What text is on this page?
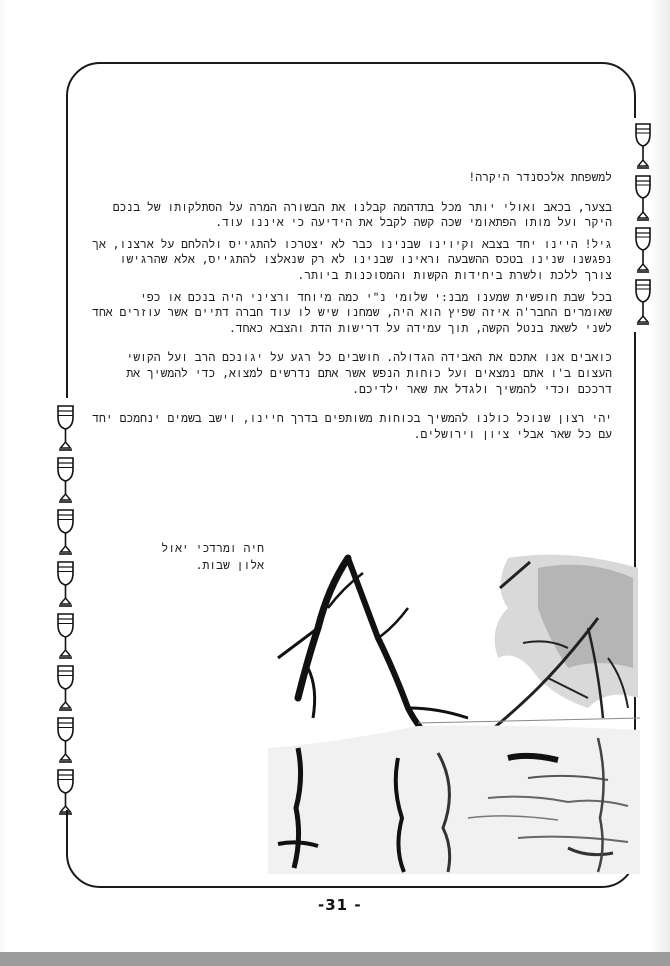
למשפחת אלכסנדר היקרה!

בצער, בכאב ואולי יותר מכל בתדהמה קבלנו את הבשורה המרה על הסתלקותו של בנכם היקר ועל מותו הפתאומי שכה קשה לקבל את הידיעה כי איננו עוד.

גיל! היינו יחד בצבא וקיוינו שבנינו כבר לא יצטרכו להתגייס ולהלחם על ארצנו, אך נפגשנו שנינו בטכס ההשבעה וראינו שבנינו לא רק שנאלצו להתגייס, אלא שהרגישו צורך ללכת ולשרת ביחידות הקשות והמסוכנות ביותר.

בכל שבת חופשית שמענו מבנ:י שלומי נ"י כמה מיוחד ורציני היה בנכם או כפי שאומרים החבר'ה איזה שפיץ הוא היה, שמחנו שיש לו עוד חברה דתיים אשר עוזרים אחד לשני לשאת בנטל הקשה, תוך עמידה על דרישות הדת והצבא כאחד.

כואבים אנו אתכם את האבידה הגדולה. חושבים כל רגע על יגונכם הרב ועל הקושי העצום ב'ו אתם נמצאים ועל כוחות הנפש אשר אתם נדרשים למצוא, כדי להמשיך את דרככם וכדי להמשיך ולגדל את שאר ילדיכם.

יהי רצון שנוכל כולנו להמשיך בכוחות משותפים בדרך חיינו, וישב בשמים ינחמכם יחד עם כל שאר אבלי ציון וירושלים.

חיה ומרדכי יאול
אלון שבות.
-31 -
